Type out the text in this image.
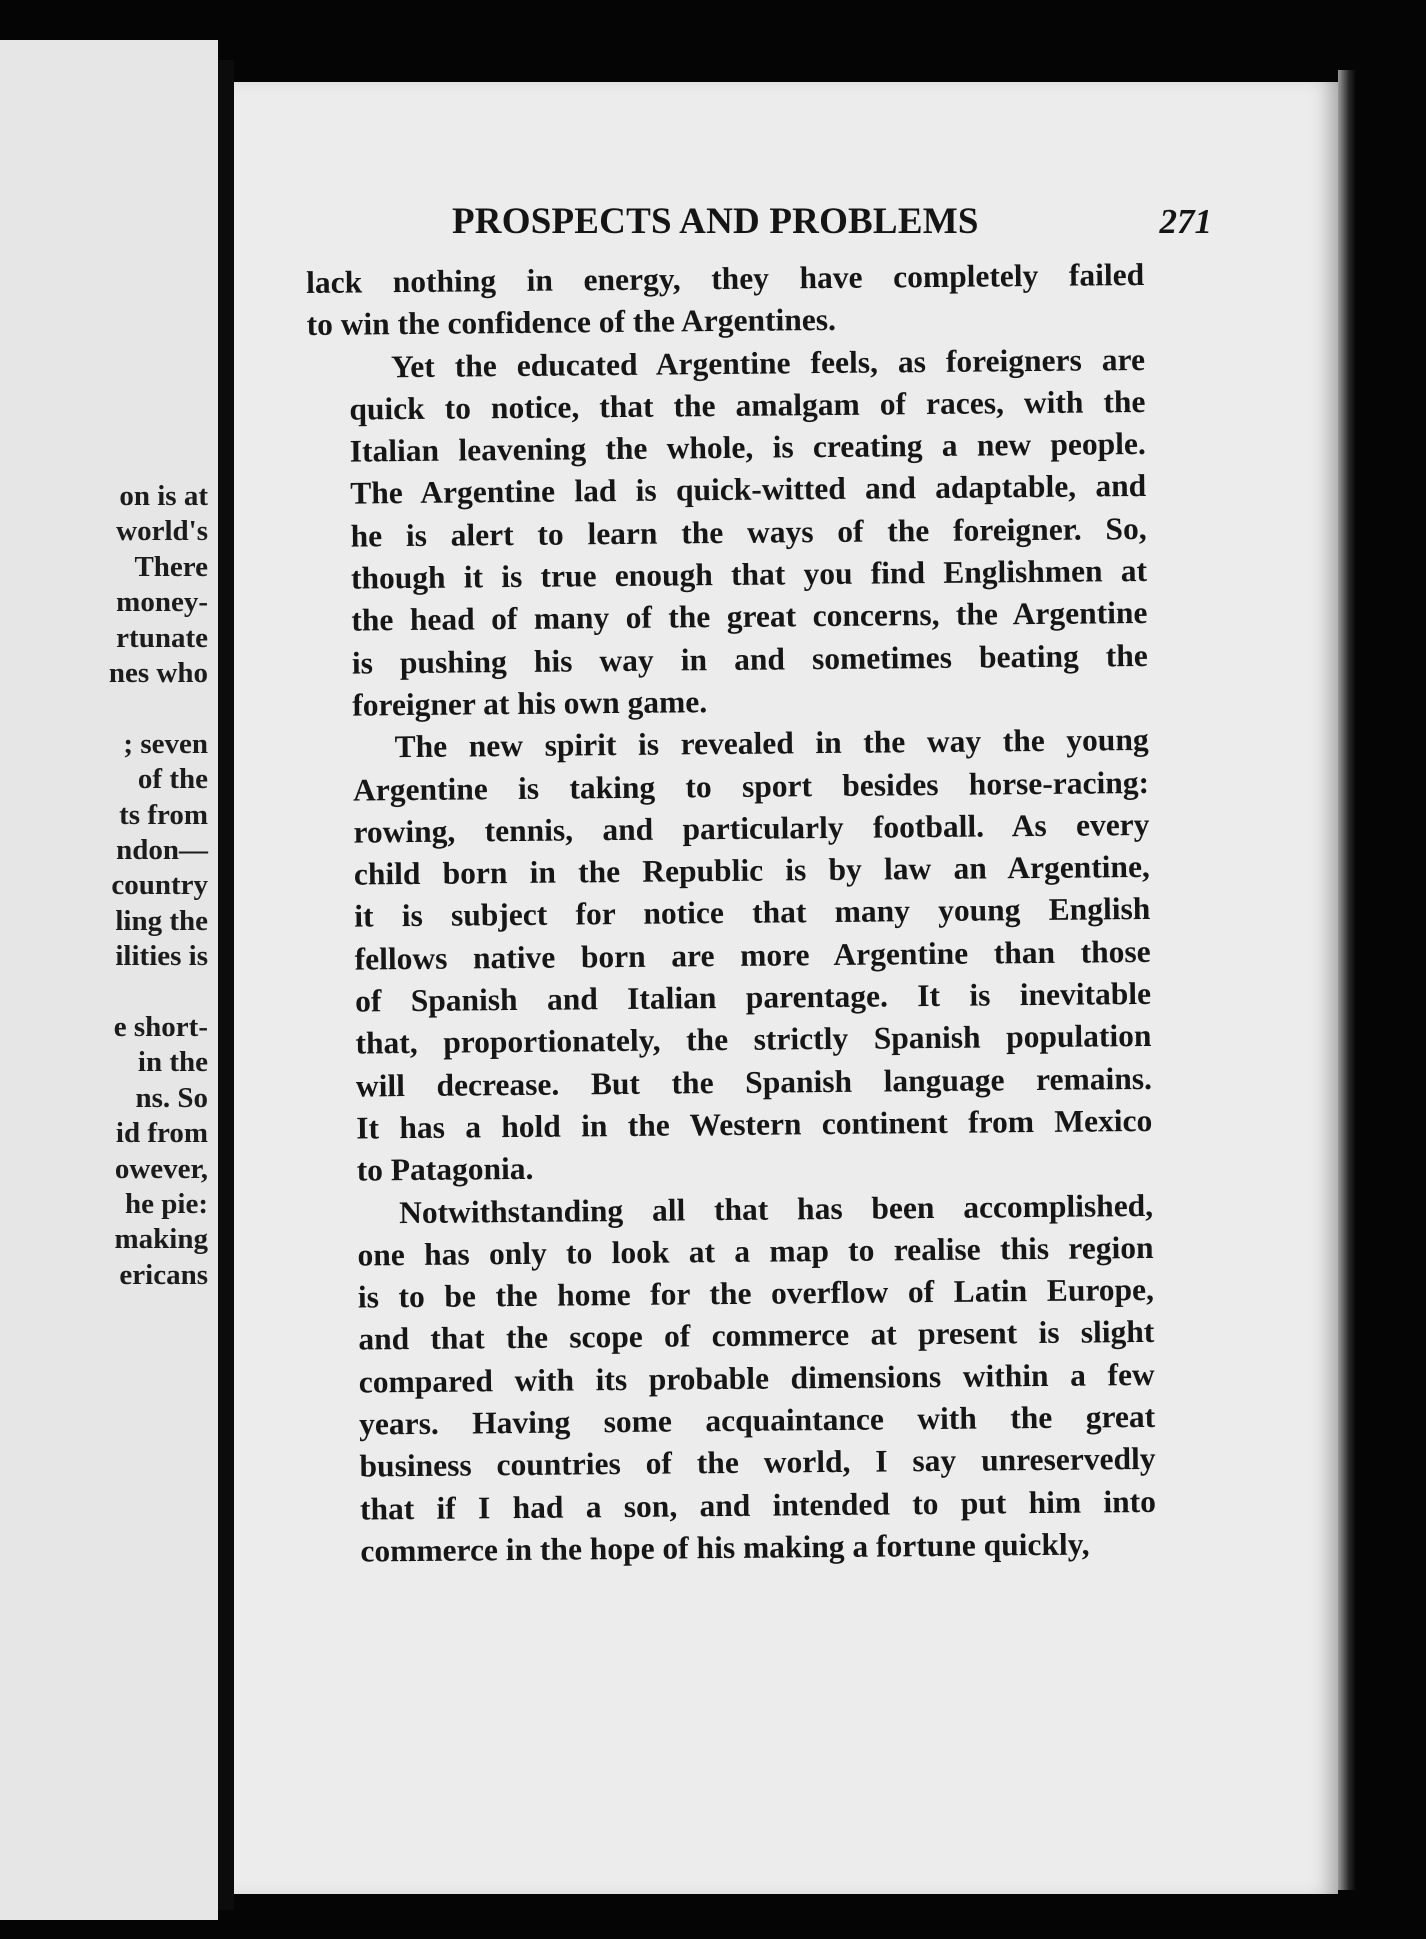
on is at
world's
There
money-
rtunate
nes who
; seven
of the
ts from
ndon—
country
ling the
ilities is
e short-
in the
ns. So
id from
owever,
he pie:
making
ericans
PROSPECTS AND PROBLEMS	271
lack nothing in energy, they have completely failed
to win the confidence of the Argentines.
Yet the educated Argentine feels, as foreigners are
quick to notice, that the amalgam of races, with the
Italian leavening the whole, is creating a new people.
The Argentine lad is quick-witted and adaptable, and
he is alert to learn the ways of the foreigner. So,
though it is true enough that you find Englishmen at
the head of many of the great concerns, the Argentine
is pushing his way in and sometimes beating the
foreigner at his own game.
The new spirit is revealed in the way the young
Argentine is taking to sport besides horse-racing:
rowing, tennis, and particularly football. As every
child born in the Republic is by law an Argentine,
it is subject for notice that many young English
fellows native born are more Argentine than those
of Spanish and Italian parentage. It is inevitable
that, proportionately, the strictly Spanish population
will decrease. But the Spanish language remains.
It has a hold in the Western continent from Mexico
to Patagonia.
Notwithstanding all that has been accomplished,
one has only to look at a map to realise this region
is to be the home for the overflow of Latin Europe,
and that the scope of commerce at present is slight
compared with its probable dimensions within a few
years. Having some acquaintance with the great
business countries of the world, I say unreservedly
that if I had a son, and intended to put him into
commerce in the hope of his making a fortune quickly,
